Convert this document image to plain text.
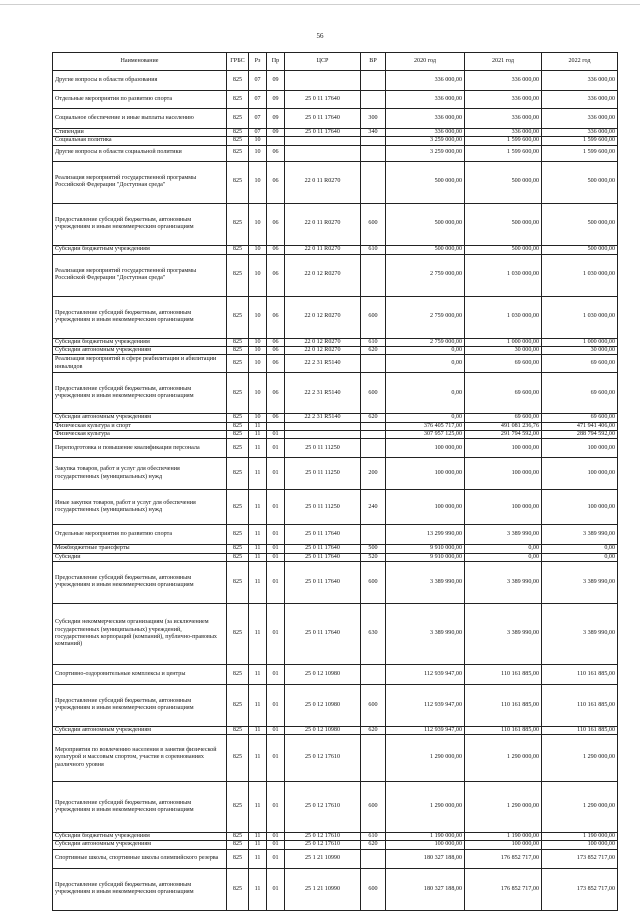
56
Наименование	ГРБС	Рз	Пр	ЦСР	ВР	2020 год	2021 год	2022 год
Другие вопросы в области образования	825	07	09			336 000,00	336 000,00	336 000,00
Отдельные мероприятия по развитию спорта	825	07	09	25 0 11 17640		336 000,00	336 000,00	336 000,00
Социальное обеспечение и иные выплаты населению	825	07	09	25 0 11 17640	300	336 000,00	336 000,00	336 000,00
Стипендии	825	07	09	25 0 11 17640	340	336 000,00	336 000,00	336 000,00
Социальная политика	825	10				3 259 000,00	1 599 600,00	1 599 600,00
Другие вопросы в области социальной политики	825	10	06			3 259 000,00	1 599 600,00	1 599 600,00
Реализация мероприятий государственной программы Российской Федерации "Доступная среда"	825	10	06	22 0 11 R0270		500 000,00	500 000,00	500 000,00
Предоставление субсидий бюджетным, автономным учреждениям и иным некоммерческим организациям	825	10	06	22 0 11 R0270	600	500 000,00	500 000,00	500 000,00
Субсидии бюджетным учреждениям	825	10	06	22 0 11 R0270	610	500 000,00	500 000,00	500 000,00
Реализация мероприятий государственной программы Российской Федерации "Доступная среда"	825	10	06	22 0 12 R0270		2 759 000,00	1 030 000,00	1 030 000,00
Предоставление субсидий бюджетным, автономным учреждениям и иным некоммерческим организациям	825	10	06	22 0 12 R0270	600	2 759 000,00	1 030 000,00	1 030 000,00
Субсидии бюджетным учреждениям	825	10	06	22 0 12 R0270	610	2 759 000,00	1 000 000,00	1 000 000,00
Субсидии автономным учреждениям	825	10	06	22 0 12 R0270	620	0,00	30 000,00	30 000,00
Реализация мероприятий в сфере реабилитации и абилитации инвалидов	825	10	06	22 2 31 R5140		0,00	69 600,00	69 600,00
Предоставление субсидий бюджетным, автономным учреждениям и иным некоммерческим организациям	825	10	06	22 2 31 R5140	600	0,00	69 600,00	69 600,00
Субсидии автономным учреждениям	825	10	06	22 2 31 R5140	620	0,00	69 600,00	69 600,00
Физическая культура и спорт	825	11				376 405 717,00	491 081 236,76	471 941 406,00
Физическая культура	825	11	01			307 957 125,00	291 794 592,00	288 794 592,00
Переподготовка и повышение квалификации персонала	825	11	01	25 0 11 11250		100 000,00	100 000,00	100 000,00
Закупка товаров, работ и услуг для обеспечения государственных (муниципальных) нужд	825	11	01	25 0 11 11250	200	100 000,00	100 000,00	100 000,00
Иные закупки товаров, работ и услуг для обеспечения государственных (муниципальных) нужд	825	11	01	25 0 11 11250	240	100 000,00	100 000,00	100 000,00
Отдельные мероприятия по развитию спорта	825	11	01	25 0 11 17640		13 299 990,00	3 389 990,00	3 389 990,00
Межбюджетные трансферты	825	11	01	25 0 11 17640	500	9 910 000,00	0,00	0,00
Субсидии	825	11	01	25 0 11 17640	520	9 910 000,00	0,00	0,00
Предоставление субсидий бюджетным, автономным учреждениям и иным некоммерческим организациям	825	11	01	25 0 11 17640	600	3 389 990,00	3 389 990,00	3 389 990,00
Субсидии некоммерческим организациям (за исключением государственных (муниципальных) учреждений, государственных корпораций (компаний), публично-правовых компаний)	825	11	01	25 0 11 17640	630	3 389 990,00	3 389 990,00	3 389 990,00
Спортивно-оздоровительные комплексы и центры	825	11	01	25 0 12 10980		112 939 947,00	110 161 885,00	110 161 885,00
Предоставление субсидий бюджетным, автономным учреждениям и иным некоммерческим организациям	825	11	01	25 0 12 10980	600	112 939 947,00	110 161 885,00	110 161 885,00
Субсидии автономным учреждениям	825	11	01	25 0 12 10980	620	112 939 947,00	110 161 885,00	110 161 885,00
Мероприятия по вовлечению населения в занятия физической культурой и массовым спортом, участие в соревнованиях различного уровня	825	11	01	25 0 12 17610		1 290 000,00	1 290 000,00	1 290 000,00
Предоставление субсидий бюджетным, автономным учреждениям и иным некоммерческим организациям	825	11	01	25 0 12 17610	600	1 290 000,00	1 290 000,00	1 290 000,00
Субсидии бюджетным учреждениям	825	11	01	25 0 12 17610	610	1 190 000,00	1 190 000,00	1 190 000,00
Субсидии автономным учреждениям	825	11	01	25 0 12 17610	620	100 000,00	100 000,00	100 000,00
Спортивные школы, спортивные школы олимпийского резерва	825	11	01	25 1 21 10990		180 327 188,00	176 852 717,00	173 852 717,00
Предоставление субсидий бюджетным, автономным учреждениям и иным некоммерческим организациям	825	11	01	25 1 21 10990	600	180 327 188,00	176 852 717,00	173 852 717,00
